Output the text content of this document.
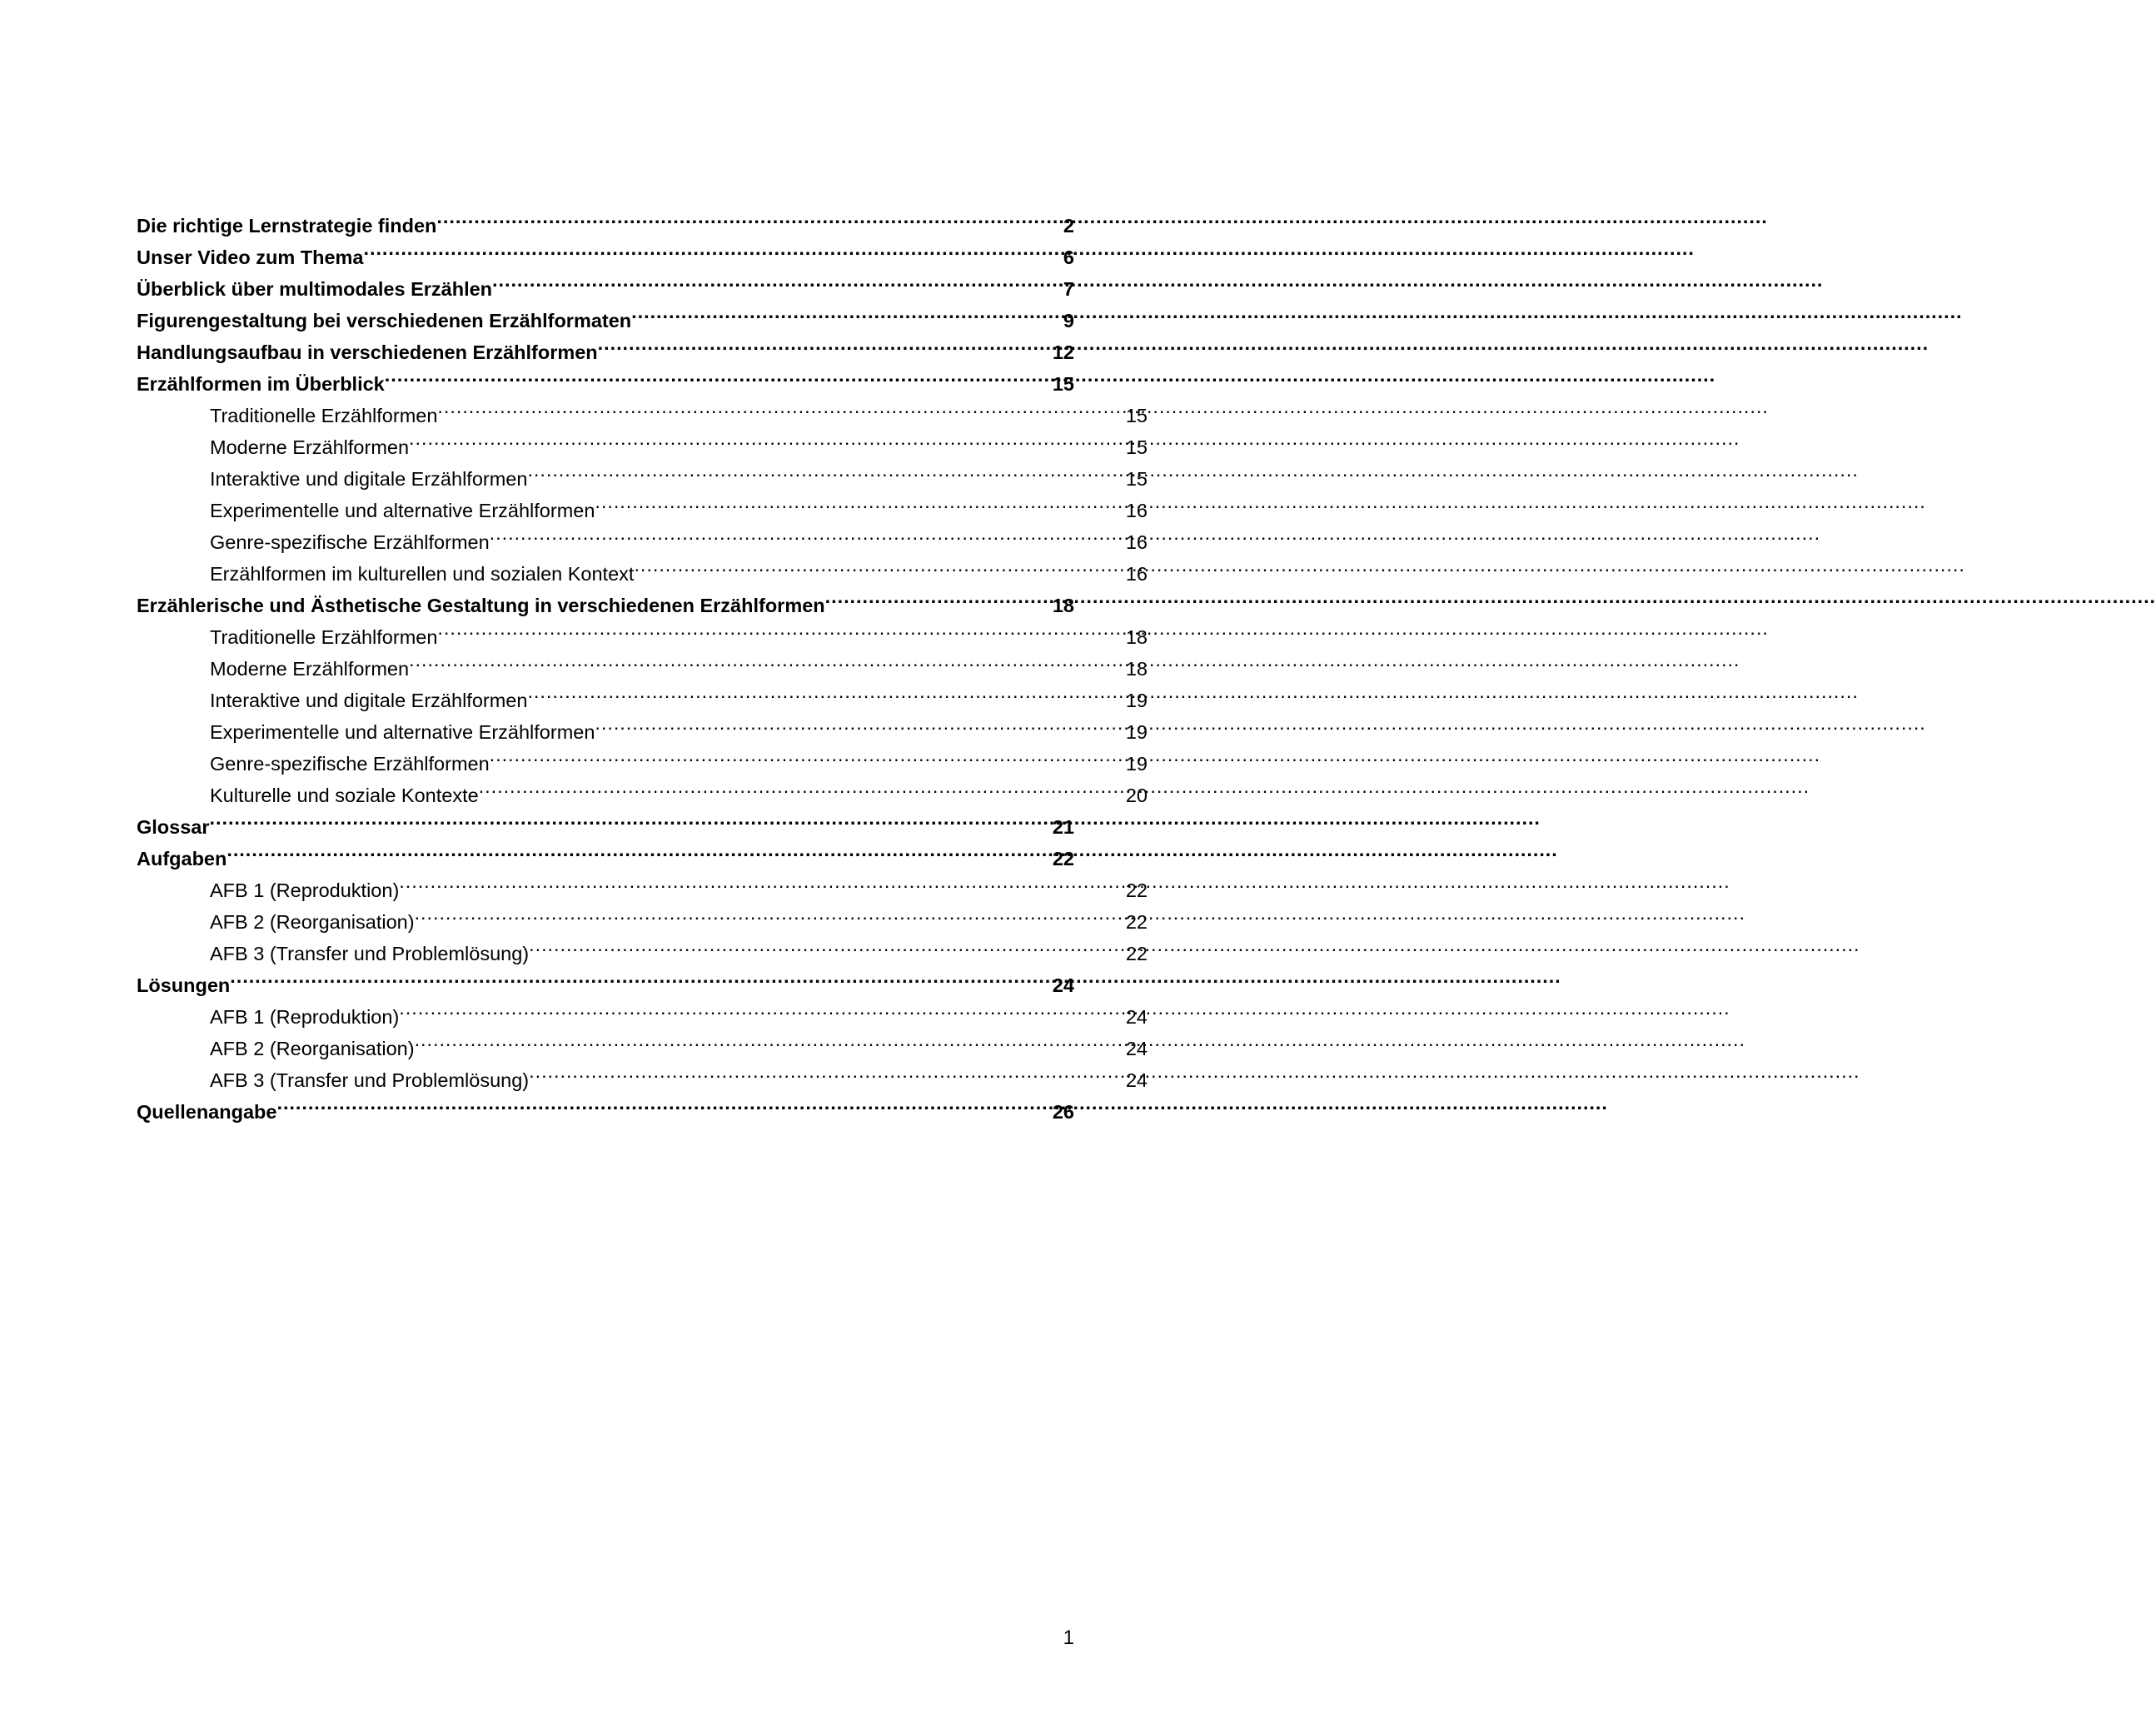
Die richtige Lernstrategie finden .....	2
Unser Video zum Thema .....	6
Überblick über multimodales Erzählen .....	7
Figurengestaltung bei verschiedenen Erzählformaten .....	9
Handlungsaufbau in verschiedenen Erzählformen .....	12
Erzählformen im Überblick .....	15
Traditionelle Erzählformen .....	15
Moderne Erzählformen .....	15
Interaktive und digitale Erzählformen .....	15
Experimentelle und alternative Erzählformen .....	16
Genre-spezifische Erzählformen .....	16
Erzählformen im kulturellen und sozialen Kontext .....	16
Erzählerische und Ästhetische Gestaltung in verschiedenen Erzählformen .....	18
Traditionelle Erzählformen .....	18
Moderne Erzählformen .....	18
Interaktive und digitale Erzählformen .....	19
Experimentelle und alternative Erzählformen .....	19
Genre-spezifische Erzählformen .....	19
Kulturelle und soziale Kontexte .....	20
Glossar .....	21
Aufgaben .....	22
AFB 1 (Reproduktion) .....	22
AFB 2 (Reorganisation) .....	22
AFB 3 (Transfer und Problemlösung) .....	22
Lösungen .....	24
AFB 1 (Reproduktion) .....	24
AFB 2 (Reorganisation) .....	24
AFB 3 (Transfer und Problemlösung) .....	24
Quellenangabe .....	26
1
